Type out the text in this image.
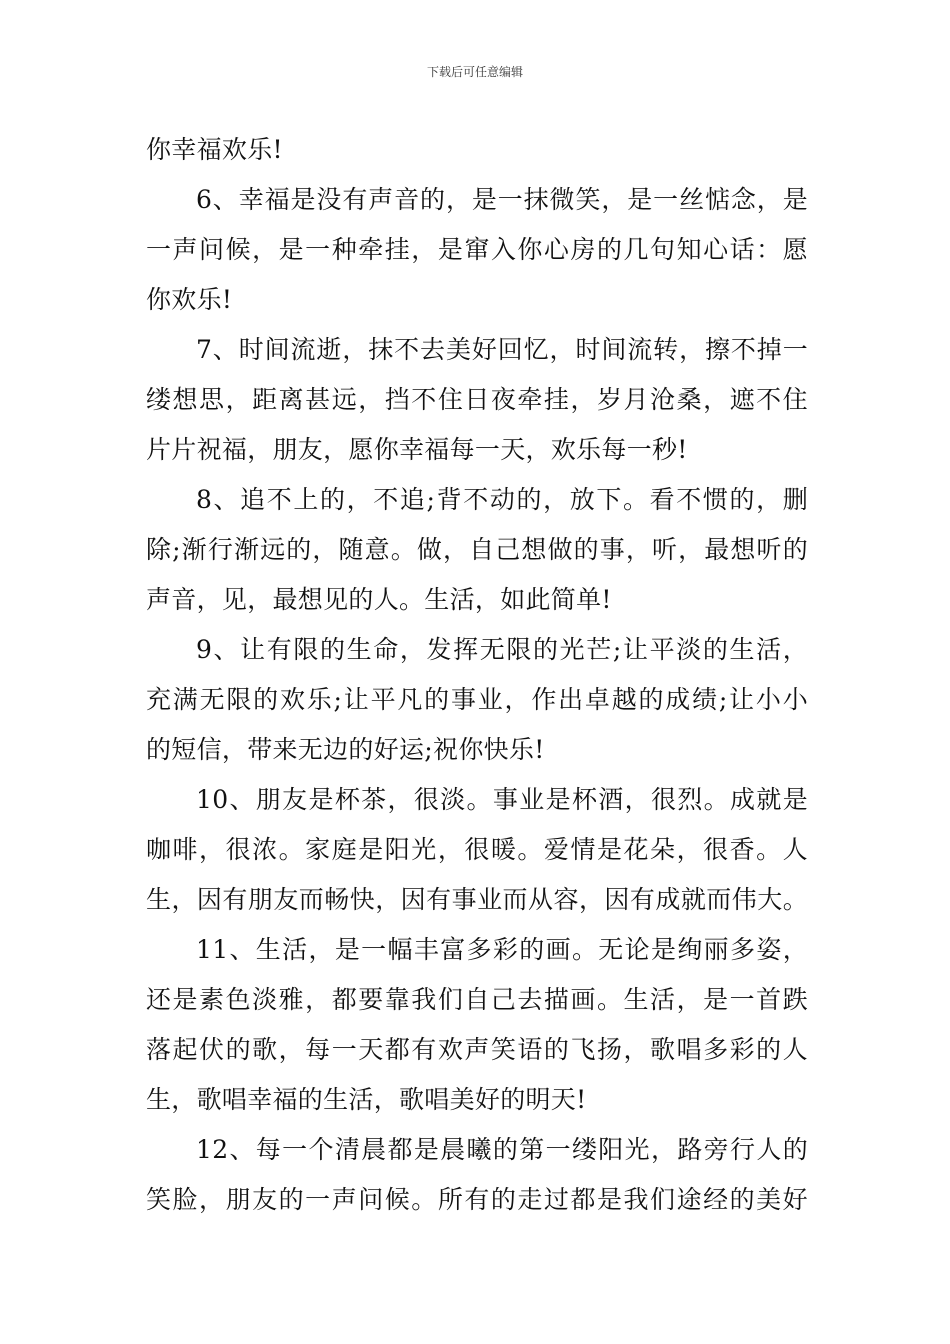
下载后可任意编辑
你幸福欢乐!
6、幸福是没有声音的，是一抹微笑，是一丝惦念，是
一声问候，是一种牵挂，是窜入你心房的几句知心话：愿
你欢乐!
7、时间流逝，抹不去美好回忆，时间流转，擦不掉一
缕想思，距离甚远，挡不住日夜牵挂，岁月沧桑，遮不住
片片祝福，朋友，愿你幸福每一天，欢乐每一秒!
8、追不上的，不追;背不动的，放下。看不惯的，删
除;渐行渐远的，随意。做，自己想做的事，听，最想听的
声音，见，最想见的人。生活，如此简单!
9、让有限的生命，发挥无限的光芒;让平淡的生活，
充满无限的欢乐;让平凡的事业，作出卓越的成绩;让小小
的短信，带来无边的好运;祝你快乐!
10、朋友是杯茶，很淡。事业是杯酒，很烈。成就是
咖啡，很浓。家庭是阳光，很暖。爱情是花朵，很香。人
生，因有朋友而畅快，因有事业而从容，因有成就而伟大。
11、生活，是一幅丰富多彩的画。无论是绚丽多姿，
还是素色淡雅，都要靠我们自己去描画。生活，是一首跌
落起伏的歌，每一天都有欢声笑语的飞扬，歌唱多彩的人
生，歌唱幸福的生活，歌唱美好的明天!
12、每一个清晨都是晨曦的第一缕阳光，路旁行人的
笑脸，朋友的一声问候。所有的走过都是我们途经的美好
